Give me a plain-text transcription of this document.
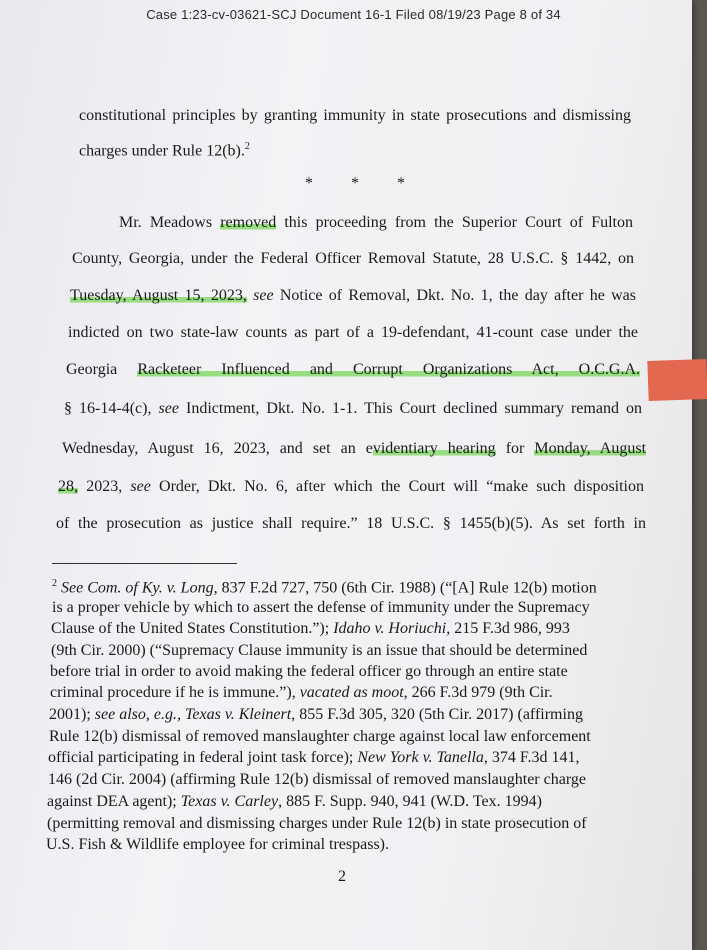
Case 1:23-cv-03621-SCJ Document 16-1 Filed 08/19/23 Page 8 of 34
constitutional principles by granting immunity in state prosecutions and dismissing
charges under Rule 12(b).$^2$
* * *
Mr. Meadows removed this proceeding from the Superior Court of Fulton
County, Georgia, under the Federal Officer Removal Statute, 28 U.S.C. § 1442, on
Tuesday, August 15, 2023, see Notice of Removal, Dkt. No. 1, the day after he was
indicted on two state-law counts as part of a 19-defendant, 41-count case under the
Georgia Racketeer Influenced and Corrupt Organizations Act, O.C.G.A.
§ 16-14-4(c), see Indictment, Dkt. No. 1-1. This Court declined summary remand on
Wednesday, August 16, 2023, and set an evidentiary hearing for Monday, August
28, 2023, see Order, Dkt. No. 6, after which the Court will “make such disposition
of the prosecution as justice shall require.” 18 U.S.C. § 1455(b)(5). As set forth in
$^2$ See Com. of Ky. v. Long, 837 F.2d 727, 750 (6th Cir. 1988) (“[A] Rule 12(b) motion
is a proper vehicle by which to assert the defense of immunity under the Supremacy
Clause of the United States Constitution.”); Idaho v. Horiuchi, 215 F.3d 986, 993
(9th Cir. 2000) (“Supremacy Clause immunity is an issue that should be determined
before trial in order to avoid making the federal officer go through an entire state
criminal procedure if he is immune.”), vacated as moot, 266 F.3d 979 (9th Cir.
2001); see also, e.g., Texas v. Kleinert, 855 F.3d 305, 320 (5th Cir. 2017) (affirming
Rule 12(b) dismissal of removed manslaughter charge against local law enforcement
official participating in federal joint task force); New York v. Tanella, 374 F.3d 141,
146 (2d Cir. 2004) (affirming Rule 12(b) dismissal of removed manslaughter charge
against DEA agent); Texas v. Carley, 885 F. Supp. 940, 941 (W.D. Tex. 1994)
(permitting removal and dismissing charges under Rule 12(b) in state prosecution of
U.S. Fish & Wildlife employee for criminal trespass).
2
